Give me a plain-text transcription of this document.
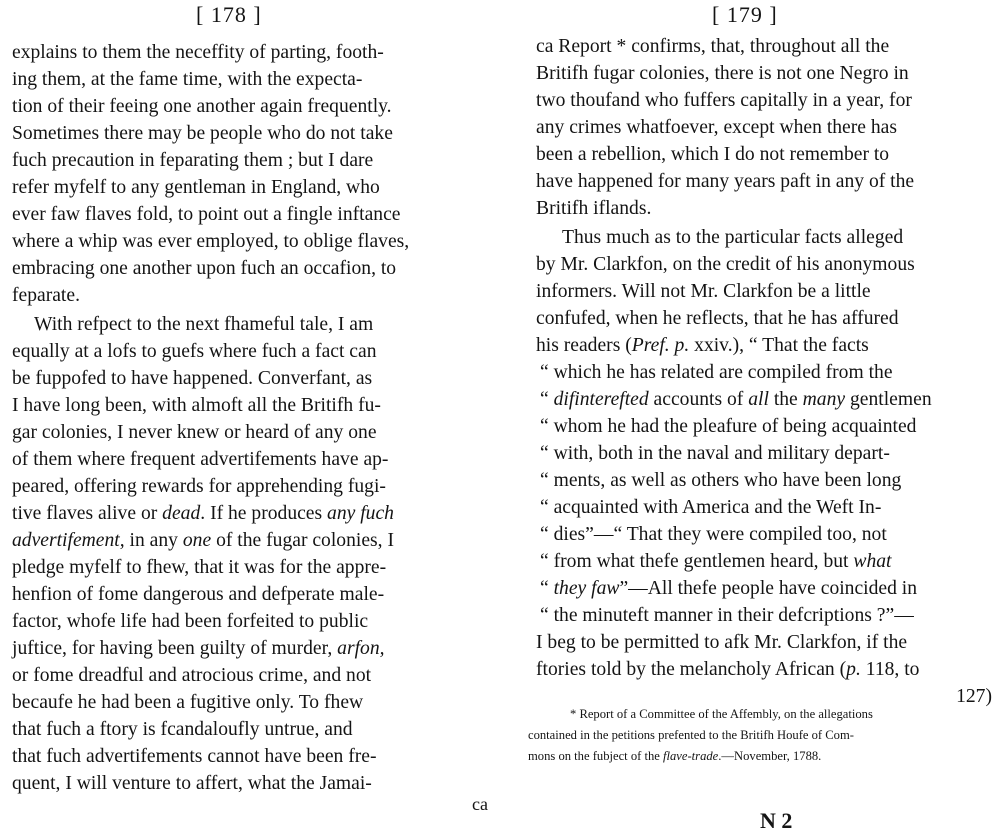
[ 178 ]

explains to them the neceffity of parting, footh-

ing them, at the fame time, with the expecta-

tion of their feeing one another again frequently.

Sometimes there may be people who do not take

fuch precaution in feparating them ; but I dare

refer myfelf to any gentleman in England, who

ever faw flaves fold, to point out a fingle inftance

where a whip was ever employed, to oblige flaves,

embracing one another upon fuch an occafion, to

feparate.

With refpect to the next fhameful tale, I am

equally at a lofs to guefs where fuch a fact can

be fuppofed to have happened. Converfant, as

I have long been, with almoft all the Britifh fu-

gar colonies, I never knew or heard of any one

of them where frequent advertifements have ap-

peared, offering rewards for apprehending fugi-

tive flaves alive or dead. If he produces any fuch

advertifement, in any one of the fugar colonies, I

pledge myfelf to fhew, that it was for the appre-

henfion of fome dangerous and defperate male-

factor, whofe life had been forfeited to public

juftice, for having been guilty of murder, arfon,

or fome dreadful and atrocious crime, and not

becaufe he had been a fugitive only. To fhew

that fuch a ftory is fcandaloufly untrue, and

that fuch advertifements cannot have been fre-

quent, I will venture to affert, what the Jamai-

ca

[ 179 ]

ca Report * confirms, that, throughout all the

Britifh fugar colonies, there is not one Negro in

two thoufand who fuffers capitally in a year, for

any crimes whatfoever, except when there has

been a rebellion, which I do not remember to

have happened for many years paft in any of the

Britifh iflands.

Thus much as to the particular facts alleged

by Mr. Clarkfon, on the credit of his anonymous

informers. Will not Mr. Clarkfon be a little

confufed, when he reflects, that he has affured

his readers (Pref. p. xxiv.), “ That the facts

“ which he has related are compiled from the

“ difinterefted accounts of all the many gentlemen

“ whom he had the pleafure of being acquainted

“ with, both in the naval and military depart-

“ ments, as well as others who have been long

“ acquainted with America and the Weft In-

“ dies”—“ That they were compiled too, not

“ from what thefe gentlemen heard, but what

“ they faw”—All thefe people have coincided in

“ the minuteft manner in their defcriptions ?”—

I beg to be permitted to afk Mr. Clarkfon, if the

ftories told by the melancholy African (p. 118, to

127)

N 2

* Report of a Committee of the Affembly, on the allegations
contained in the petitions prefented to the Britifh Houfe of Com-
mons on the fubject of the flave-trade.—November, 1788.
